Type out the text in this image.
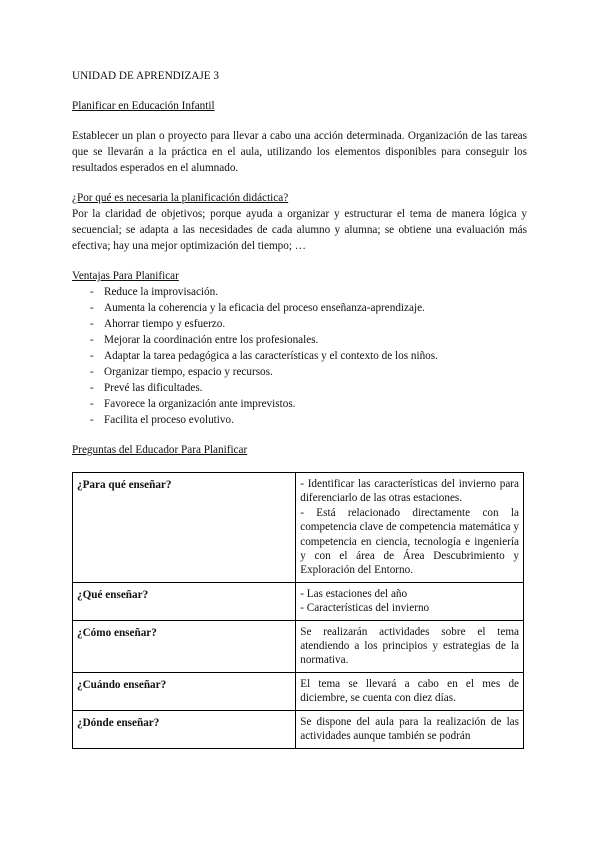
UNIDAD DE APRENDIZAJE 3
Planificar en Educación Infantil

Establecer un plan o proyecto para llevar a cabo una acción determinada. Organización de las tareas que se llevarán a la práctica en el aula, utilizando los elementos disponibles para conseguir los resultados esperados en el alumnado.

¿Por qué es necesaria la planificación didáctica?

Por la claridad de objetivos; porque ayuda a organizar y estructurar el tema de manera lógica y secuencial; se adapta a las necesidades de cada alumno y alumna; se obtiene una evaluación más efectiva; hay una mejor optimización del tiempo; …

Ventajas Para Planificar
- Reduce la improvisación.
- Aumenta la coherencia y la eficacia del proceso enseñanza-aprendizaje.
- Ahorrar tiempo y esfuerzo.
- Mejorar la coordinación entre los profesionales.
- Adaptar la tarea pedagógica a las características y el contexto de los niños.
- Organizar tiempo, espacio y recursos.
- Prevé las dificultades.
- Favorece la organización ante imprevistos.
- Facilita el proceso evolutivo.
Preguntas del Educador Para Planificar
¿Para qué enseñar?	- Identificar las características del invierno para diferenciarlo de las otras estaciones.
- Está relacionado directamente con la competencia clave de competencia matemática y competencia en ciencia, tecnología e ingeniería y con el área de Área Descubrimiento y Exploración del Entorno.

¿Qué enseñar?	- Las estaciones del año
- Características del invierno

¿Cómo enseñar?	Se realizarán actividades sobre el tema atendiendo a los principios y estrategias de la normativa.

¿Cuándo enseñar?	El tema se llevará a cabo en el mes de diciembre, se cuenta con diez días.

¿Dónde enseñar?	Se dispone del aula para la realización de las actividades aunque también se podrán
